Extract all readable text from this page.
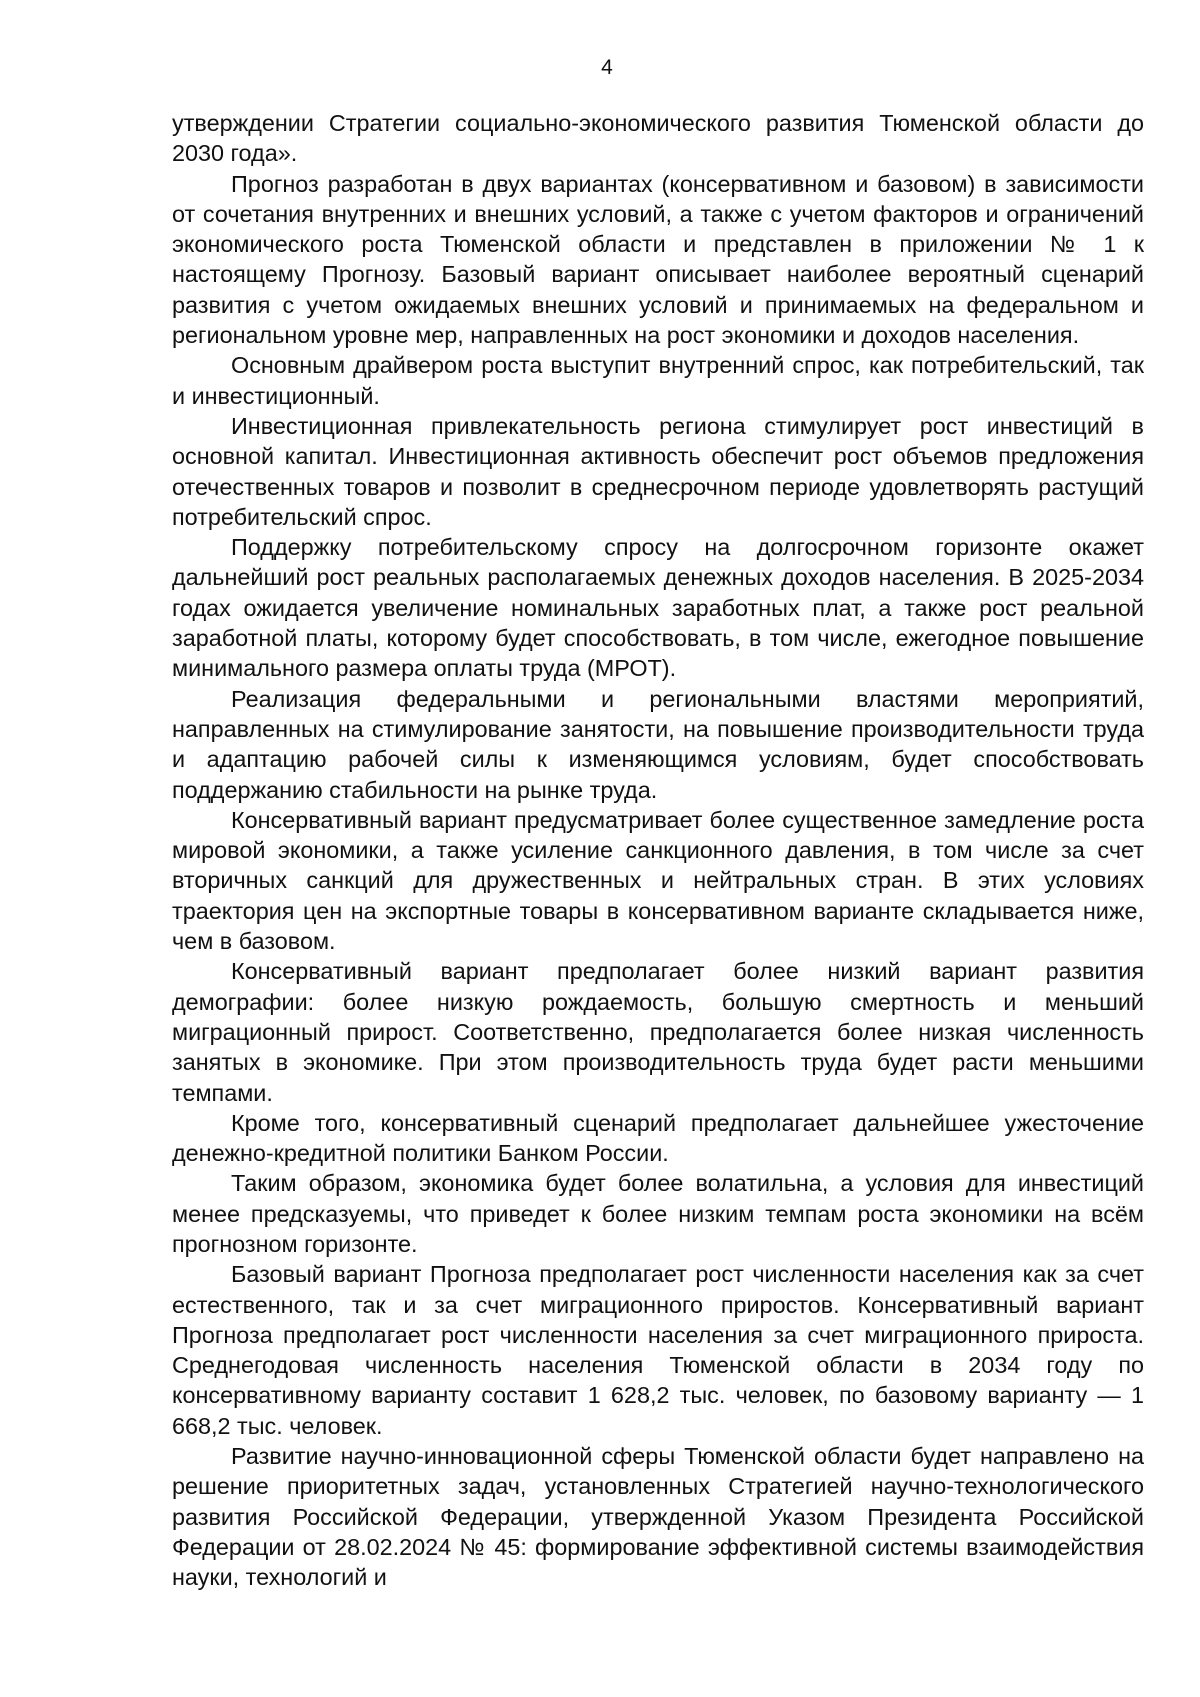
4

утверждении Стратегии социально-экономического развития Тюменской области до 2030 года».

Прогноз разработан в двух вариантах (консервативном и базовом) в зависимости от сочетания внутренних и внешних условий, а также с учетом факторов и ограничений экономического роста Тюменской области и представлен в приложении № 1 к настоящему Прогнозу. Базовый вариант описывает наиболее вероятный сценарий развития с учетом ожидаемых внешних условий и принимаемых на федеральном и региональном уровне мер, направленных на рост экономики и доходов населения.

Основным драйвером роста выступит внутренний спрос, как потребительский, так и инвестиционный.

Инвестиционная привлекательность региона стимулирует рост инвестиций в основной капитал. Инвестиционная активность обеспечит рост объемов предложения отечественных товаров и позволит в среднесрочном периоде удовлетворять растущий потребительский спрос.

Поддержку потребительскому спросу на долгосрочном горизонте окажет дальнейший рост реальных располагаемых денежных доходов населения. В 2025-2034 годах ожидается увеличение номинальных заработных плат, а также рост реальной заработной платы, которому будет способствовать, в том числе, ежегодное повышение минимального размера оплаты труда (МРОТ).

Реализация федеральными и региональными властями мероприятий, направленных на стимулирование занятости, на повышение производительности труда и адаптацию рабочей силы к изменяющимся условиям, будет способствовать поддержанию стабильности на рынке труда.

Консервативный вариант предусматривает более существенное замедление роста мировой экономики, а также усиление санкционного давления, в том числе за счет вторичных санкций для дружественных и нейтральных стран. В этих условиях траектория цен на экспортные товары в консервативном варианте складывается ниже, чем в базовом.

Консервативный вариант предполагает более низкий вариант развития демографии: более низкую рождаемость, большую смертность и меньший миграционный прирост. Соответственно, предполагается более низкая численность занятых в экономике. При этом производительность труда будет расти меньшими темпами.

Кроме того, консервативный сценарий предполагает дальнейшее ужесточение денежно-кредитной политики Банком России.

Таким образом, экономика будет более волатильна, а условия для инвестиций менее предсказуемы, что приведет к более низким темпам роста экономики на всём прогнозном горизонте.

Базовый вариант Прогноза предполагает рост численности населения как за счет естественного, так и за счет миграционного приростов. Консервативный вариант Прогноза предполагает рост численности населения за счет миграционного прироста. Среднегодовая численность населения Тюменской области в 2034 году по консервативному варианту составит 1 628,2 тыс. человек, по базовому варианту — 1 668,2 тыс. человек.

Развитие научно-инновационной сферы Тюменской области будет направлено на решение приоритетных задач, установленных Стратегией научно-технологического развития Российской Федерации, утвержденной Указом Президента Российской Федерации от 28.02.2024 № 45: формирование эффективной системы взаимодействия науки, технологий и
